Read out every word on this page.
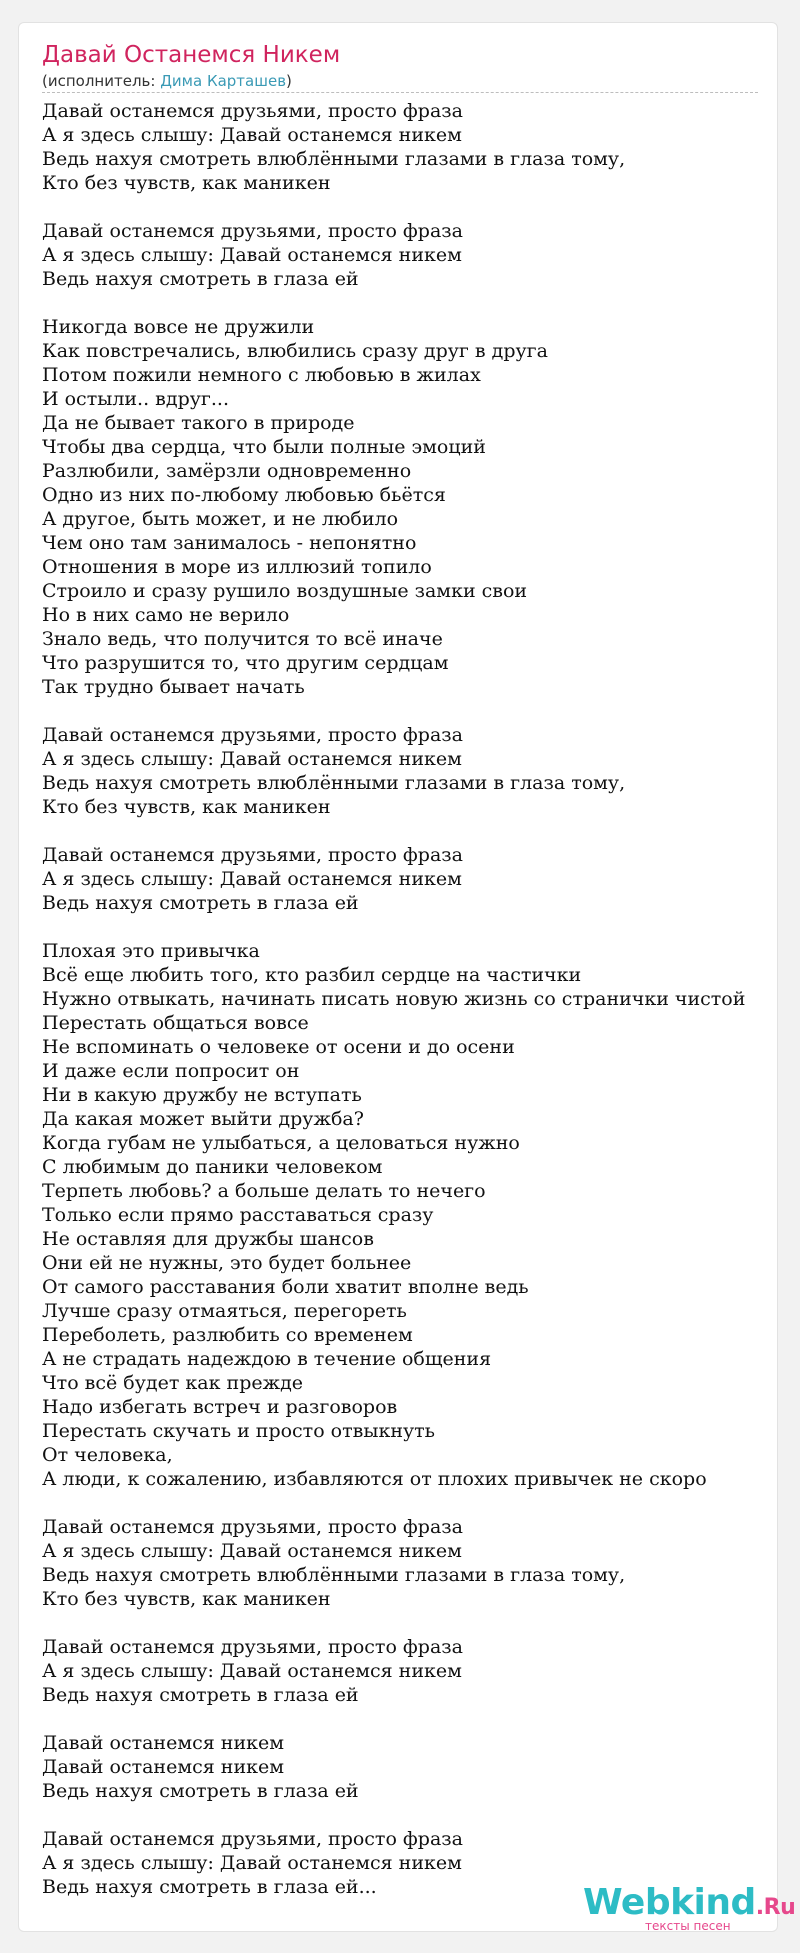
Давай Останемся Никем
(исполнитель: Дима Карташев)
Давай останемся друзьями, просто фраза
А я здесь слышу: Давай останемся никем
Ведь нахуя смотреть влюблёнными глазами в глаза тому,
Кто без чувств, как маникен
Давай останемся друзьями, просто фраза
А я здесь слышу: Давай останемся никем
Ведь нахуя смотреть в глаза ей
Никогда вовсе не дружили
Как повстречались, влюбились сразу друг в друга
Потом пожили немного с любовью в жилах
И остыли.. вдруг...
Да не бывает такого в природе
Чтобы два сердца, что были полные эмоций
Разлюбили, замёрзли одновременно
Одно из них по-любому любовью бьётся
А другое, быть может, и не любило
Чем оно там занималось - непонятно
Отношения в море из иллюзий топило
Строило и сразу рушило воздушные замки свои
Но в них само не верило
Знало ведь, что получится то всё иначе
Что разрушится то, что другим сердцам
Так трудно бывает начать
Давай останемся друзьями, просто фраза
А я здесь слышу: Давай останемся никем
Ведь нахуя смотреть влюблёнными глазами в глаза тому,
Кто без чувств, как маникен
Давай останемся друзьями, просто фраза
А я здесь слышу: Давай останемся никем
Ведь нахуя смотреть в глаза ей
Плохая это привычка
Всё еще любить того, кто разбил сердце на частички
Нужно отвыкать, начинать писать новую жизнь со странички чистой
Перестать общаться вовсе
Не вспоминать о человеке от осени и до осени
И даже если попросит он
Ни в какую дружбу не вступать
Да какая может выйти дружба?
Когда губам не улыбаться, а целоваться нужно
С любимым до паники человеком
Терпеть любовь? а больше делать то нечего
Только если прямо расставаться сразу
Не оставляя для дружбы шансов
Они ей не нужны, это будет больнее
От самого расставания боли хватит вполне ведь
Лучше сразу отмаяться, перегореть
Переболеть, разлюбить со временем
А не страдать надеждою в течение общения
Что всё будет как прежде
Надо избегать встреч и разговоров
Перестать скучать и просто отвыкнуть
От человека,
А люди, к сожалению, избавляются от плохих привычек не скоро
Давай останемся друзьями, просто фраза
А я здесь слышу: Давай останемся никем
Ведь нахуя смотреть влюблёнными глазами в глаза тому,
Кто без чувств, как маникен
Давай останемся друзьями, просто фраза
А я здесь слышу: Давай останемся никем
Ведь нахуя смотреть в глаза ей
Давай останемся никем
Давай останемся никем
Ведь нахуя смотреть в глаза ей
Давай останемся друзьями, просто фраза
А я здесь слышу: Давай останемся никем
Ведь нахуя смотреть в глаза ей...	Webkind.Ru
тексты песен
